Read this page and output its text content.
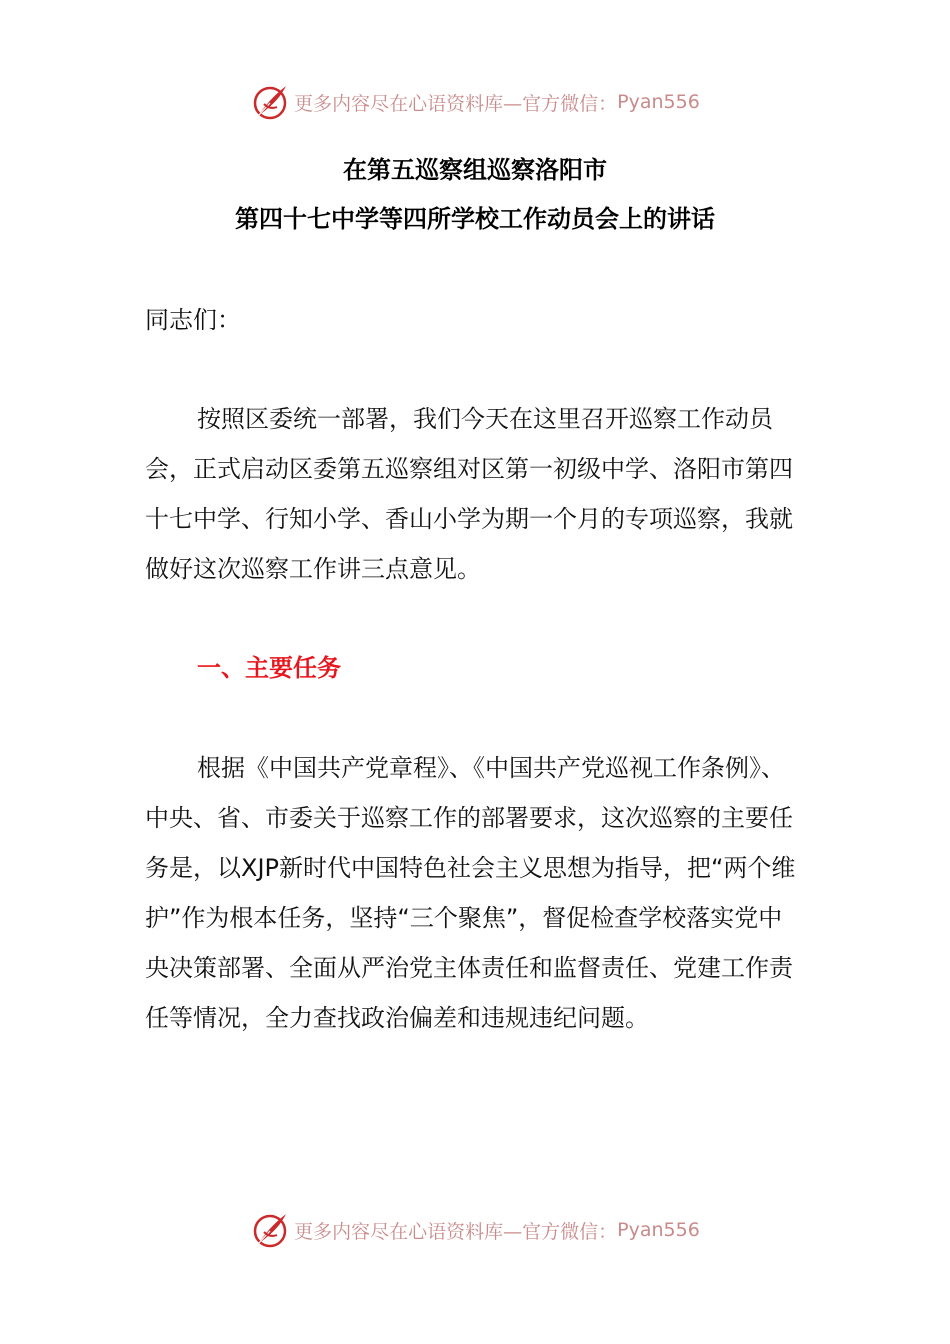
更多内容尽在心语资料库—官方微信： Pyan556
在第五巡察组巡察洛阳市
第四十七中学等四所学校工作动员会上的讲话
同志们：
按照区委统一部署，我们今天在这里召开巡察工作动员会，正式启动区委第五巡察组对区第一初级中学、洛阳市第四十七中学、行知小学、香山小学为期一个月的专项巡察，我就做好这次巡察工作讲三点意见。
一、主要任务
根据《中国共产党章程》、《中国共产党巡视工作条例》、中央、省、市委关于巡察工作的部署要求，这次巡察的主要任务是，以XJP新时代中国特色社会主义思想为指导，把“两个维护”作为根本任务，坚持“三个聚焦”，督促检查学校落实党中央决策部署、全面从严治党主体责任和监督责任、党建工作责任等情况，全力查找政治偏差和违规违纪问题。
更多内容尽在心语资料库—官方微信： Pyan556
